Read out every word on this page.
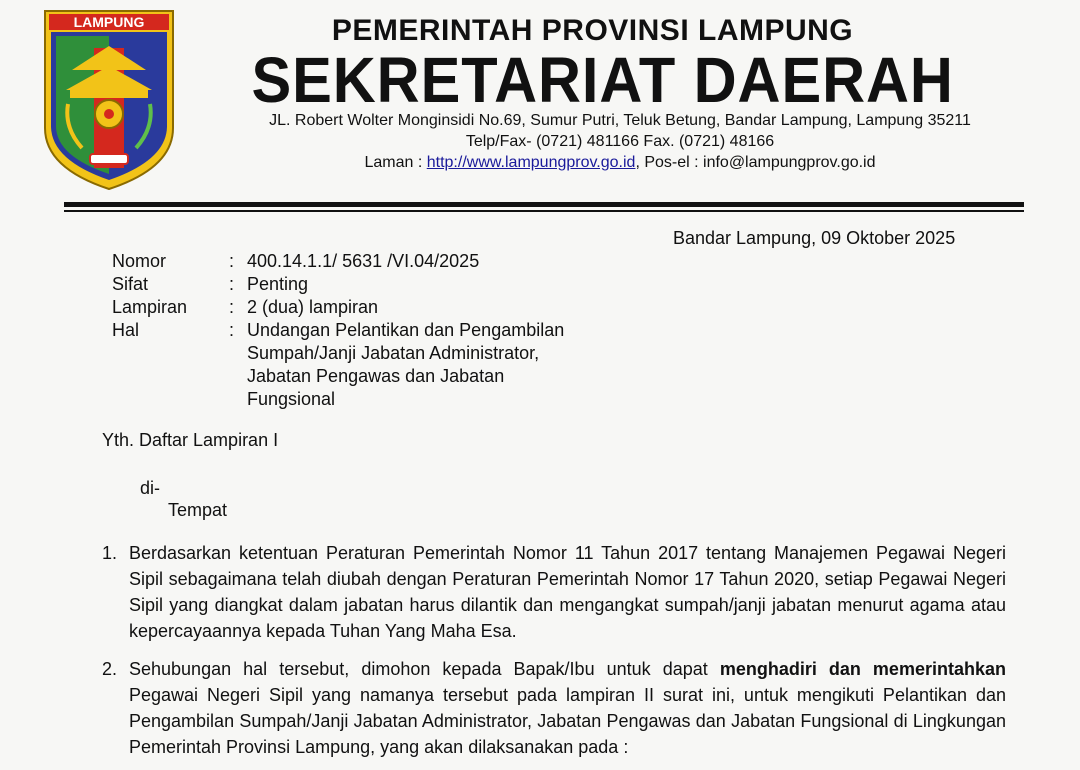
LAMPUNG	PEMERINTAH PROVINSI LAMPUNG
SEKRETARIAT DAERAH
JL. Robert Wolter Monginsidi No.69, Sumur Putri, Teluk Betung, Bandar Lampung, Lampung 35211
Telp/Fax- (0721) 481166 Fax. (0721) 48166
Laman : http://www.lampungprov.go.id, Pos-el : info@lampungprov.go.id
Bandar Lampung, 09 Oktober 2025
Nomor	: 400.14.1.1/ 5631 /VI.04/2025
Sifat	: Penting
Lampiran	: 2 (dua) lampiran
Hal	: Undangan Pelantikan dan Pengambilan Sumpah/Janji Jabatan Administrator, Jabatan Pengawas dan Jabatan Fungsional
Yth. Daftar Lampiran I
di-
Tempat
1. Berdasarkan ketentuan Peraturan Pemerintah Nomor 11 Tahun 2017 tentang Manajemen Pegawai Negeri Sipil sebagaimana telah diubah dengan Peraturan Pemerintah Nomor 17 Tahun 2020, setiap Pegawai Negeri Sipil yang diangkat dalam jabatan harus dilantik dan mengangkat sumpah/janji jabatan menurut agama atau kepercayaannya kepada Tuhan Yang Maha Esa.
2. Sehubungan hal tersebut, dimohon kepada Bapak/Ibu untuk dapat menghadiri dan memerintahkan Pegawai Negeri Sipil yang namanya tersebut pada lampiran II surat ini, untuk mengikuti Pelantikan dan Pengambilan Sumpah/Janji Jabatan Administrator, Jabatan Pengawas dan Jabatan Fungsional di Lingkungan Pemerintah Provinsi Lampung, yang akan dilaksanakan pada :
